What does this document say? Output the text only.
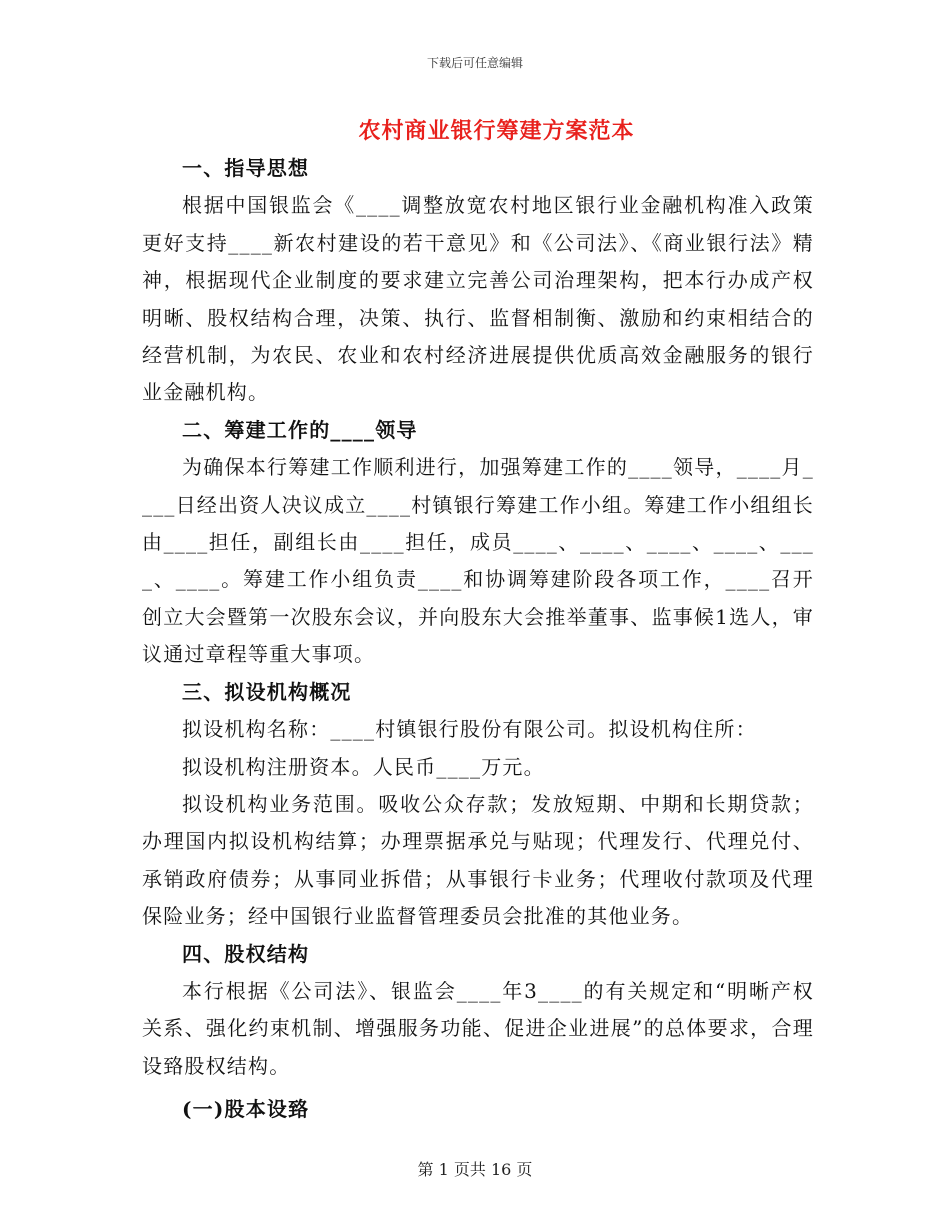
下载后可任意编辑
农村商业银行筹建方案范本

一、指导思想

根据中国银监会《____调整放宽农村地区银行业金融机构准入政策更好支持____新农村建设的若干意见》和《公司法》、《商业银行法》精神，根据现代企业制度的要求建立完善公司治理架构，把本行办成产权明晰、股权结构合理，决策、执行、监督相制衡、激励和约束相结合的经营机制，为农民、农业和农村经济进展提供优质高效金融服务的银行业金融机构。

二、筹建工作的____领导

为确保本行筹建工作顺利进行，加强筹建工作的____领导，____月____日经出资人决议成立____村镇银行筹建工作小组。筹建工作小组组长由____担任，副组长由____担任，成员____、____、____、____、____、____。筹建工作小组负责____和协调筹建阶段各项工作，____召开创立大会暨第一次股东会议，并向股东大会推举董事、监事候1选人，审议通过章程等重大事项。

三、拟设机构概况

拟设机构名称：____村镇银行股份有限公司。拟设机构住所：

拟设机构注册资本。人民币____万元。

拟设机构业务范围。吸收公众存款；发放短期、中期和长期贷款；办理国内拟设机构结算；办理票据承兑与贴现；代理发行、代理兑付、承销政府债券；从事同业拆借；从事银行卡业务；代理收付款项及代理保险业务；经中国银行业监督管理委员会批准的其他业务。

四、股权结构

本行根据《公司法》、银监会____年3____的有关规定和“明晰产权关系、强化约束机制、增强服务功能、促进企业进展”的总体要求，合理设臵股权结构。

(一)股本设臵

第 1 页共 16 页
